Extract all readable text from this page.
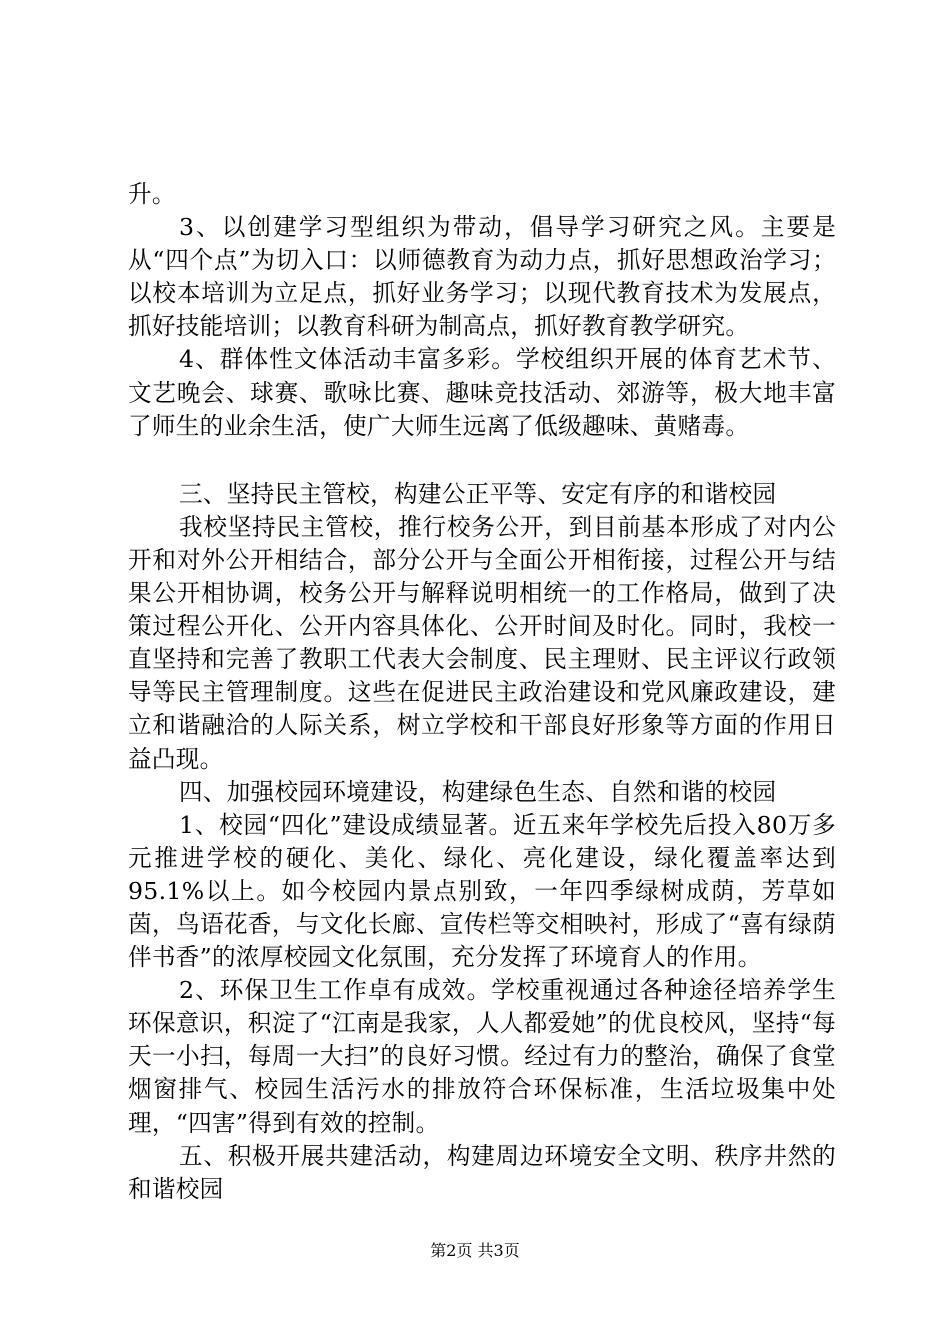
升。

3、以创建学习型组织为带动，倡导学习研究之风。主要是从“四个点”为切入口：以师德教育为动力点，抓好思想政治学习；以校本培训为立足点，抓好业务学习；以现代教育技术为发展点，抓好技能培训；以教育科研为制高点，抓好教育教学研究。

4、群体性文体活动丰富多彩。学校组织开展的体育艺术节、文艺晚会、球赛、歌咏比赛、趣味竞技活动、郊游等，极大地丰富了师生的业余生活，使广大师生远离了低级趣味、黄赌毒。

三、坚持民主管校，构建公正平等、安定有序的和谐校园

我校坚持民主管校，推行校务公开，到目前基本形成了对内公开和对外公开相结合，部分公开与全面公开相衔接，过程公开与结果公开相协调，校务公开与解释说明相统一的工作格局，做到了决策过程公开化、公开内容具体化、公开时间及时化。同时，我校一直坚持和完善了教职工代表大会制度、民主理财、民主评议行政领导等民主管理制度。这些在促进民主政治建设和党风廉政建设，建立和谐融洽的人际关系，树立学校和干部良好形象等方面的作用日益凸现。

四、加强校园环境建设，构建绿色生态、自然和谐的校园

1、校园“四化”建设成绩显著。近五来年学校先后投入80万多元推进学校的硬化、美化、绿化、亮化建设，绿化覆盖率达到95.1%以上。如今校园内景点别致，一年四季绿树成荫，芳草如茵，鸟语花香，与文化长廊、宣传栏等交相映衬，形成了“喜有绿荫伴书香”的浓厚校园文化氛围，充分发挥了环境育人的作用。

2、环保卫生工作卓有成效。学校重视通过各种途径培养学生环保意识，积淀了“江南是我家，人人都爱她”的优良校风，坚持“每天一小扫，每周一大扫”的良好习惯。经过有力的整治，确保了食堂烟窗排气、校园生活污水的排放符合环保标准，生活垃圾集中处理，“四害”得到有效的控制。

五、积极开展共建活动，构建周边环境安全文明、秩序井然的和谐校园

第2页 共3页
